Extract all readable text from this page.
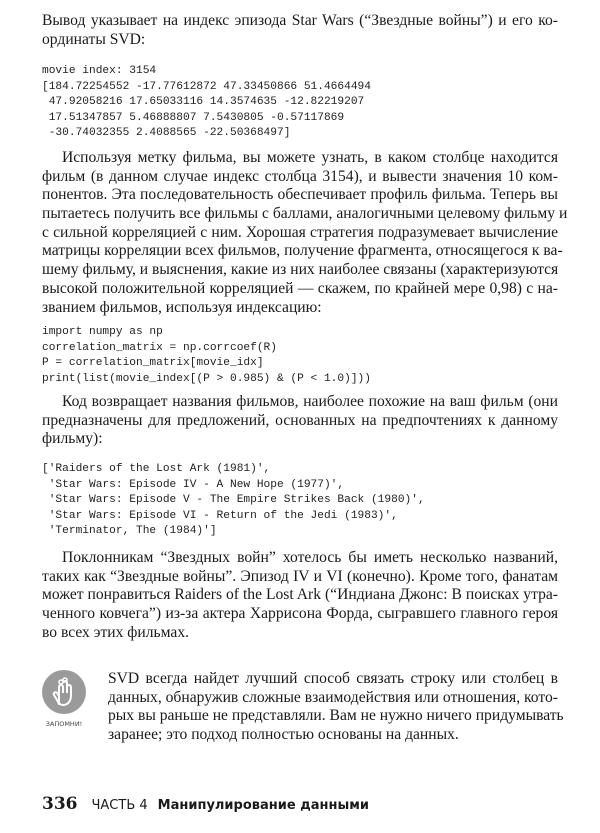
Вывод указывает на индекс эпизода Star Wars (“Звездные войны”) и его ко-
ординаты SVD:
movie index: 3154
[184.72254552 -17.77612872 47.33450866 51.4664494
47.92058216 17.65033116 14.3574635 -12.82219207
17.51347857 5.46888807 7.5430805 -0.57117869
-30.74032355 2.4088565 -22.50368497]
Используя метку фильма, вы можете узнать, в каком столбце находится
фильм (в данном случае индекс столбца 3154), и вывести значения 10 ком-
понентов. Эта последовательность обеспечивает профиль фильма. Теперь вы
пытаетесь получить все фильмы с баллами, аналогичными целевому фильму и
с сильной корреляцией с ним. Хорошая стратегия подразумевает вычисление
матрицы корреляции всех фильмов, получение фрагмента, относящегося к ва-
шему фильму, и выяснения, какие из них наиболее связаны (характеризуются
высокой положительной корреляцией — скажем, по крайней мере 0,98) с на-
званием фильмов, используя индексацию:
import numpy as np
correlation_matrix = np.corrcoef(R)
P = correlation_matrix[movie_idx]
print(list(movie_index[(P > 0.985) & (P < 1.0)]))
Код возвращает названия фильмов, наиболее похожие на ваш фильм (они
предназначены для предложений, основанных на предпочтениях к данному
фильму):
['Raiders of the Lost Ark (1981)',
'Star Wars: Episode IV - A New Hope (1977)',
'Star Wars: Episode V - The Empire Strikes Back (1980)',
'Star Wars: Episode VI - Return of the Jedi (1983)',
'Terminator, The (1984)']
Поклонникам “Звездных войн” хотелось бы иметь несколько названий,
таких как “Звездные войны”. Эпизод IV и VI (конечно). Кроме того, фанатам
может понравиться Raiders of the Lost Ark (“Индиана Джонс: В поисках утра-
ченного ковчега”) из-за актера Харрисона Форда, сыгравшего главного героя
во всех этих фильмах.
ЗАПОМНИ!
SVD всегда найдет лучший способ связать строку или столбец в
данных, обнаружив сложные взаимодействия или отношения, кото-
рых вы раньше не представляли. Вам не нужно ничего придумывать
заранее; это подход полностью основаны на данных.
336 ЧАСТЬ 4 Манипулирование данными
